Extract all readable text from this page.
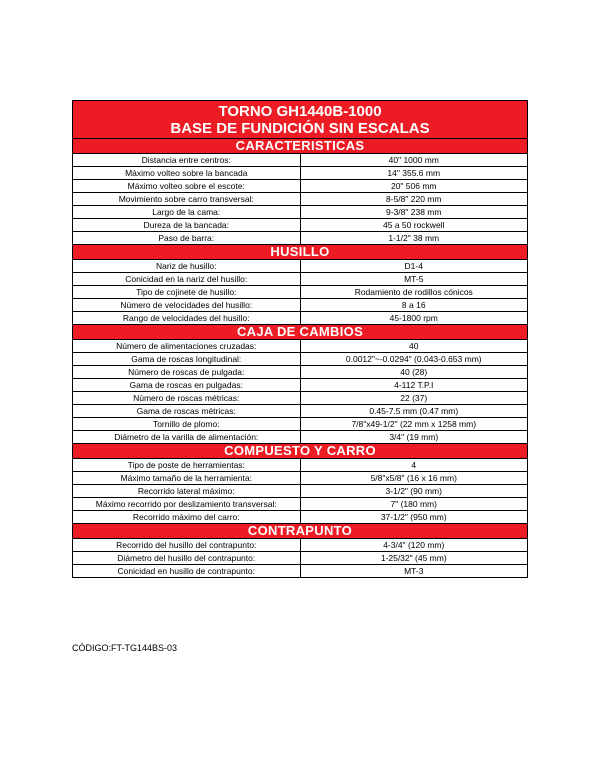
TORNO GH1440B-1000
BASE DE FUNDICIÓN SIN ESCALAS
CARACTERISTICAS	
Distancia entre centros:	40" 1000 mm
Máximo volteo sobre la bancada	14" 355.6 mm
Máximo volteo sobre el escote:	20" 506 mm
Movimiento sobre carro transversal:	8-5/8" 220 mm
Largo de la cama:	9-3/8" 238 mm
Dureza de la bancada:	45 a 50 rockwell
Paso de barra:	1-1/2" 38 mm
HUSILLO	
Nariz de husillo:	D1-4
Conicidad en la nariz del husillo:	MT-5
Tipo de cojinete de husillo:	Rodamiento de rodillos cónicos
Número de velocidades del husillo:	8 a 16
Rango de velocidades del husillo:	45-1800 rpm
CAJA DE CAMBIOS	
Número de alimentaciones cruzadas:	40
Gama de roscas longitudinal:	0.0012"~-0.0294" (0.043-0.653 mm)
Número de roscas de pulgada:	40 (28)
Gama de roscas en pulgadas:	4-112 T.P.I
Número de roscas métricas:	22 (37)
Gama de roscas métricas:	0.45-7.5 mm (0.47 mm)
Tornillo de plomo:	7/8"x49-1/2" (22 mm x 1258 mm)
Diámetro de la varilla de alimentación:	3/4" (19 mm)
COMPUESTO Y CARRO	
Tipo de poste de herramientas:	4
Máximo tamaño de la herramienta:	5/8"x5/8" (16 x 16 mm)
Recorrido lateral máximo:	3-1/2" (90 mm)
Máximo recorrido por deslizamiento transversal:	7" (180 mm)
Recorrido máximo del carro:	37-1/2" (950 mm)
CONTRAPUNTO	
Recorrido del husillo del contrapunto:	4-3/4" (120 mm)
Diámetro del husillo del contrapunto:	1-25/32" (45 mm)
Conicidad en husillo de contrapunto:	MT-3
CÓDIGO:FT-TG144BS-03
